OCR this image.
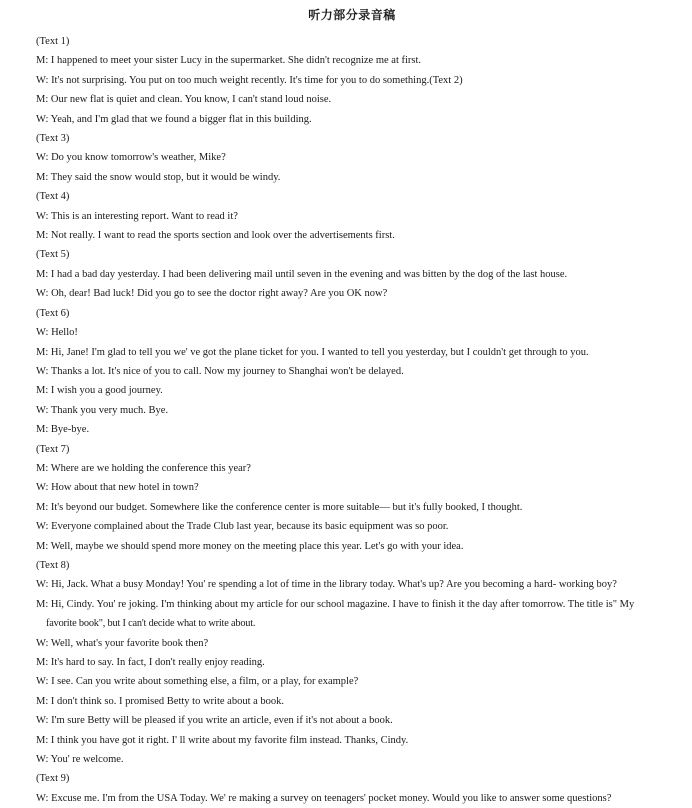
听力部分录音稿
(Text 1)
M: I happened to meet your sister Lucy in the supermarket. She didn't recognize me at first.
W: It's not surprising. You put on too much weight recently. It's time for you to do something.(Text 2)
M: Our new flat is quiet and clean. You know, I can't stand loud noise.
W: Yeah, and I'm glad that we found a bigger flat in this building.
(Text 3)
W: Do you know tomorrow's weather, Mike?
M: They said the snow would stop, but it would be windy.
(Text 4)
W: This is an interesting report. Want to read it?
M: Not really. I want to read the sports section and look over the advertisements first.
(Text 5)
M: I had a bad day yesterday. I had been delivering mail until seven in the evening and was bitten by the dog of the last house.
W: Oh, dear! Bad luck! Did you go to see the doctor right away? Are you OK now?
(Text 6)
W: Hello!
M: Hi, Jane! I'm glad to tell you we' ve got the plane ticket for you. I wanted to tell you yesterday, but I couldn't get through to you.
W: Thanks a lot. It's nice of you to call. Now my journey to Shanghai won't be delayed.
M: I wish you a good journey.
W: Thank you very much. Bye.
M: Bye-bye.
(Text 7)
M: Where are we holding the conference this year?
W: How about that new hotel in town?
M: It's beyond our budget. Somewhere like the conference center is more suitable— but it's fully booked, I thought.
W: Everyone complained about the Trade Club last year, because its basic equipment was so poor.
M: Well, maybe we should spend more money on the meeting place this year. Let's go with your idea.
(Text 8)
W: Hi, Jack. What a busy Monday! You' re spending a lot of time in the library today. What's up? Are you becoming a hard- working boy?
M: Hi, Cindy. You' re joking. I'm thinking about my article for our school magazine. I have to finish it the day after tomorrow. The title is" My
favorite book", but I can't decide what to write about.
W: Well, what's your favorite book then?
M: It's hard to say. In fact, I don't really enjoy reading.
W: I see. Can you write about something else, a film, or a play, for example?
M: I don't think so. I promised Betty to write about a book.
W: I'm sure Betty will be pleased if you write an article, even if it's not about a book.
M: I think you have got it right. I' ll write about my favorite film instead. Thanks, Cindy.
W: You' re welcome.
(Text 9)
W: Excuse me. I'm from the USA Today. We' re making a survey on teenagers' pocket money. Would you like to answer some questions?
